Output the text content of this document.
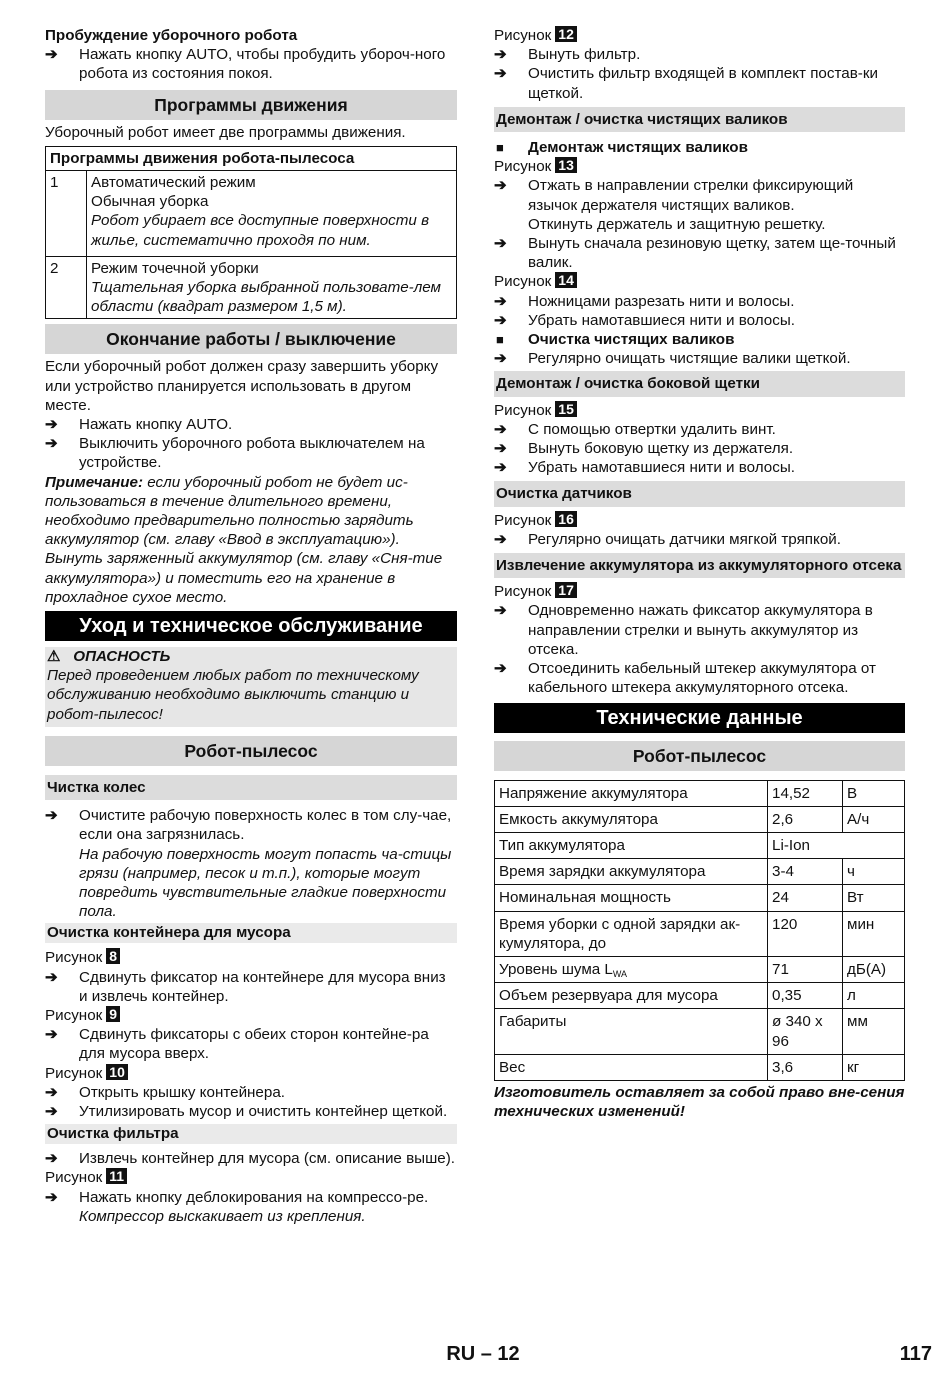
Пробуждение уборочного робота

➔ Нажать кнопку AUTO, чтобы пробудить убороч-ного робота из состояния покоя.
Программы движения

Уборочный робот имеет две программы движения.

Программы движения робота-пылесоса	
1	Автоматический режим
Обычная уборка
Робот убирает все доступные поверхности в жилье, систематично проходя по ним.

2	Режим точечной уборки
Тщательная уборка выбранной пользовате-лем области (квадрат размером 1,5 м).
Окончание работы / выключение

Если уборочный робот должен сразу завершить уборку или устройство планируется использовать в другом месте.

➔ Нажать кнопку AUTO.
➔ Выключить уборочного робота выключателем на устройстве.

Примечание: если уборочный робот не будет ис-пользоваться в течение длительного времени, необходимо предварительно полностью зарядить аккумулятор (см. главу «Ввод в эксплуатацию»). Вынуть заряженный аккумулятор (см. главу «Сня-тие аккумулятора») и поместить его на хранение в прохладное сухое место.

Уход и техническое обслуживание

⚠ ОПАСНОСТЬ

Перед проведением любых работ по техническому обслуживанию необходимо выключить станцию и робот-пылесос!

Робот-пылесос
Чистка колес
➔ Очистите рабочую поверхность колес в том слу-чае, если она загрязнилась.
На рабочую поверхность могут попасть ча-стицы грязи (например, песок и т.п.), которые могут повредить чувствительные гладкие поверхности пола.
Очистка контейнера для мусора

Рисунок 8

➔ Сдвинуть фиксатор на контейнере для мусора вниз и извлечь контейнер.

Рисунок 9

➔ Сдвинуть фиксаторы с обеих сторон контейне-ра для мусора вверх.

Рисунок 10

➔ Открыть крышку контейнера.
➔ Утилизировать мусор и очистить контейнер щеткой.
Очистка фильтра
➔ Извлечь контейнер для мусора (см. описание выше).

Рисунок 11

➔ Нажать кнопку деблокирования на компрессо-ре.
Компрессор выскакивает из крепления.

Рисунок 12

➔ Вынуть фильтр.
➔ Очистить фильтр входящей в комплект постав-ки щеткой.
Демонтаж / очистка чистящих валиков
■ Демонтаж чистящих валиков

Рисунок 13

➔ Отжать в направлении стрелки фиксирующий язычок держателя чистящих валиков.
Откинуть держатель и защитную решетку.
➔ Вынуть сначала резиновую щетку, затем ще-точный валик.

Рисунок 14

➔ Ножницами разрезать нити и волосы.
➔ Убрать намотавшиеся нити и волосы.
■ Очистка чистящих валиков
➔ Регулярно очищать чистящие валики щеткой.
Демонтаж / очистка боковой щетки

Рисунок 15

➔ С помощью отвертки удалить винт.
➔ Вынуть боковую щетку из держателя.
➔ Убрать намотавшиеся нити и волосы.
Очистка датчиков

Рисунок 16

➔ Регулярно очищать датчики мягкой тряпкой.
Извлечение аккумулятора из аккумуляторного отсека

Рисунок 17

➔ Одновременно нажать фиксатор аккумулятора в направлении стрелки и вынуть аккумулятор из отсека.
➔ Отсоединить кабельный штекер аккумулятора от кабельного штекера аккумуляторного отсека.
Технические данные
Робот-пылесос
Напряжение аккумулятора	14,52	В
Емкость аккумулятора	2,6	А/ч
Тип аккумулятора	Li-Ion	
Время зарядки аккумулятора	3-4	ч
Номинальная мощность	24	Вт
Время уборки с одной зарядки ак-кумулятора, до	120	мин
Уровень шума $L_{WA}$	71	дБ(А)
Объем резервуара для мусора	0,35	л
Габариты	ø 340 x 96	мм
Вес	3,6	кг

Изготовитель оставляет за собой право вне-сения технических изменений!

RU – 12	117
